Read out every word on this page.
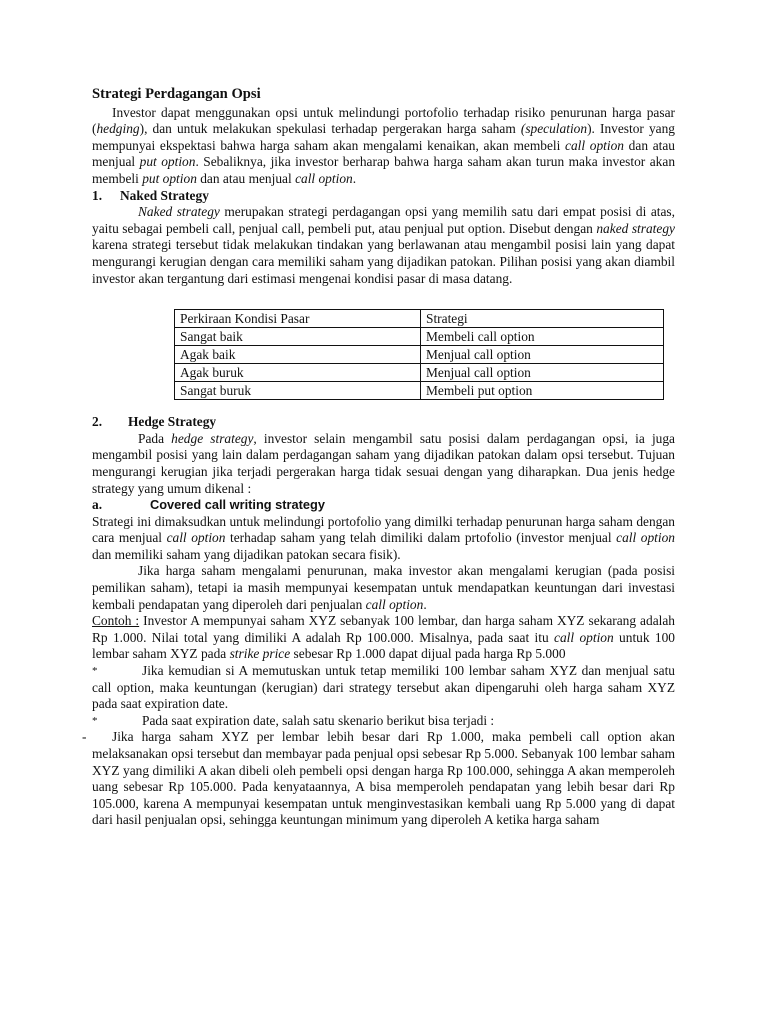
Strategi Perdagangan Opsi

Investor dapat menggunakan opsi untuk melindungi portofolio terhadap risiko penurunan harga pasar (hedging), dan untuk melakukan spekulasi terhadap pergerakan harga saham (speculation). Investor yang mempunyai ekspektasi bahwa harga saham akan mengalami kenaikan, akan membeli call option dan atau menjual put option. Sebaliknya, jika investor berharap bahwa harga saham akan turun maka investor akan membeli put option dan atau menjual call option.

1. Naked Strategy

Naked strategy merupakan strategi perdagangan opsi yang memilih satu dari empat posisi di atas, yaitu sebagai pembeli call, penjual call, pembeli put, atau penjual put option. Disebut dengan naked strategy karena strategi tersebut tidak melakukan tindakan yang berlawanan atau mengambil posisi lain yang dapat mengurangi kerugian dengan cara memiliki saham yang dijadikan patokan. Pilihan posisi yang akan diambil investor akan tergantung dari estimasi mengenai kondisi pasar di masa datang.

Perkiraan Kondisi Pasar	Strategi
Sangat baik	Membeli call option
Agak baik	Menjual call option
Agak buruk	Menjual call option
Sangat buruk	Membeli put option
2. Hedge Strategy

Pada hedge strategy, investor selain mengambil satu posisi dalam perdagangan opsi, ia juga mengambil posisi yang lain dalam perdagangan saham yang dijadikan patokan dalam opsi tersebut. Tujuan mengurangi kerugian jika terjadi pergerakan harga tidak sesuai dengan yang diharapkan. Dua jenis hedge strategy yang umum dikenal :

a.	Covered call writing strategy

Strategi ini dimaksudkan untuk melindungi portofolio yang dimilki terhadap penurunan harga saham dengan cara menjual call option terhadap saham yang telah dimiliki dalam prtofolio (investor menjual call option dan memiliki saham yang dijadikan patokan secara fisik).

Jika harga saham mengalami penurunan, maka investor akan mengalami kerugian (pada posisi pemilikan saham), tetapi ia masih mempunyai kesempatan untuk mendapatkan keuntungan dari investasi kembali pendapatan yang diperoleh dari penjualan call option.

Contoh : Investor A mempunyai saham XYZ sebanyak 100 lembar, dan harga saham XYZ sekarang adalah Rp 1.000. Nilai total yang dimiliki A adalah Rp 100.000. Misalnya, pada saat itu call option untuk 100 lembar saham XYZ pada strike price sebesar Rp 1.000 dapat dijual pada harga Rp 5.000

*	Jika kemudian si A memutuskan untuk tetap memiliki 100 lembar saham XYZ dan menjual satu call option, maka keuntungan (kerugian) dari strategy tersebut akan dipengaruhi oleh harga saham XYZ pada saat expiration date.

*	Pada saat expiration date, salah satu skenario berikut bisa terjadi :

- Jika harga saham XYZ per lembar lebih besar dari Rp 1.000, maka pembeli call option akan melaksanakan opsi tersebut dan membayar pada penjual opsi sebesar Rp 5.000. Sebanyak 100 lembar saham XYZ yang dimiliki A akan dibeli oleh pembeli opsi dengan harga Rp 100.000, sehingga A akan memperoleh uang sebesar Rp 105.000. Pada kenyataannya, A bisa memperoleh pendapatan yang lebih besar dari Rp 105.000, karena A mempunyai kesempatan untuk menginvestasikan kembali uang Rp 5.000 yang di dapat dari hasil penjualan opsi, sehingga keuntungan minimum yang diperoleh A ketika harga saham
